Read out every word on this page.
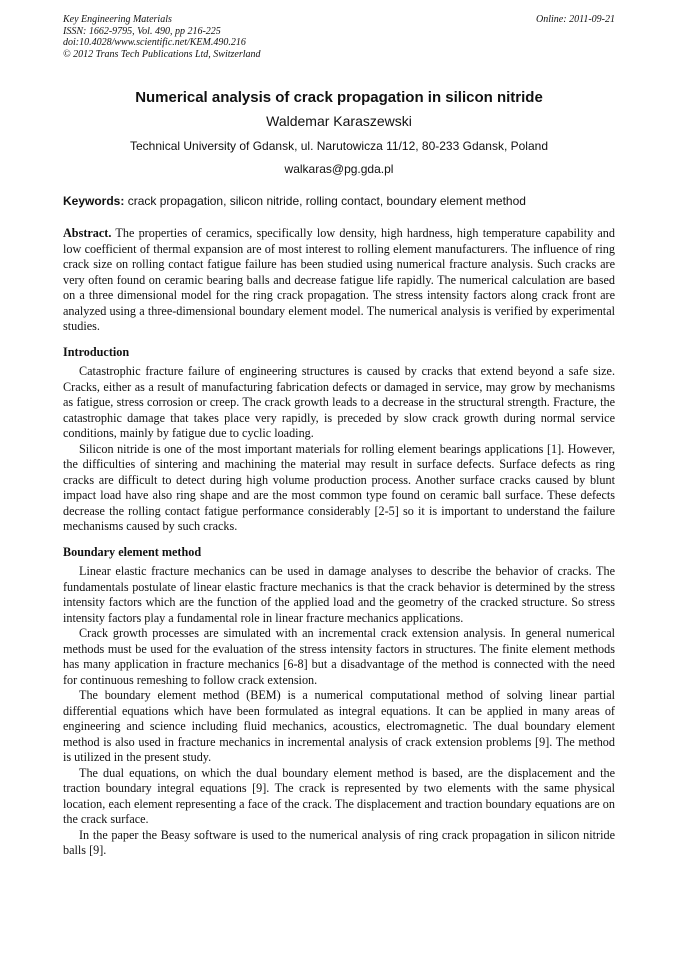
Key Engineering Materials
ISSN: 1662-9795, Vol. 490, pp 216-225
doi:10.4028/www.scientific.net/KEM.490.216
© 2012 Trans Tech Publications Ltd, Switzerland
Online: 2011-09-21
Numerical analysis of crack propagation in silicon nitride
Waldemar Karaszewski
Technical University of Gdansk, ul. Narutowicza 11/12, 80-233 Gdansk, Poland
walkaras@pg.gda.pl
Keywords: crack propagation, silicon nitride, rolling contact, boundary element method

Abstract. The properties of ceramics, specifically low density, high hardness, high temperature capability and low coefficient of thermal expansion are of most interest to rolling element manufacturers. The influence of ring crack size on rolling contact fatigue failure has been studied using numerical fracture analysis. Such cracks are very often found on ceramic bearing balls and decrease fatigue life rapidly. The numerical calculation are based on a three dimensional model for the ring crack propagation. The stress intensity factors along crack front are analyzed using a three-dimensional boundary element model. The numerical analysis is verified by experimental studies.

Introduction

Catastrophic fracture failure of engineering structures is caused by cracks that extend beyond a safe size. Cracks, either as a result of manufacturing fabrication defects or damaged in service, may grow by mechanisms as fatigue, stress corrosion or creep. The crack growth leads to a decrease in the structural strength. Fracture, the catastrophic damage that takes place very rapidly, is preceded by slow crack growth during normal service conditions, mainly by fatigue due to cyclic loading.

Silicon nitride is one of the most important materials for rolling element bearings applications [1]. However, the difficulties of sintering and machining the material may result in surface defects. Surface defects as ring cracks are difficult to detect during high volume production process. Another surface cracks caused by blunt impact load have also ring shape and are the most common type found on ceramic ball surface. These defects decrease the rolling contact fatigue performance considerably [2-5] so it is important to understand the failure mechanisms caused by such cracks.

Boundary element method

Linear elastic fracture mechanics can be used in damage analyses to describe the behavior of cracks. The fundamentals postulate of linear elastic fracture mechanics is that the crack behavior is determined by the stress intensity factors which are the function of the applied load and the geometry of the cracked structure. So stress intensity factors play a fundamental role in linear fracture mechanics applications.

Crack growth processes are simulated with an incremental crack extension analysis. In general numerical methods must be used for the evaluation of the stress intensity factors in structures. The finite element methods has many application in fracture mechanics [6-8] but a disadvantage of the method is connected with the need for continuous remeshing to follow crack extension.

The boundary element method (BEM) is a numerical computational method of solving linear partial differential equations which have been formulated as integral equations. It can be applied in many areas of engineering and science including fluid mechanics, acoustics, electromagnetic. The dual boundary element method is also used in fracture mechanics in incremental analysis of crack extension problems [9]. The method is utilized in the present study.

The dual equations, on which the dual boundary element method is based, are the displacement and the traction boundary integral equations [9]. The crack is represented by two elements with the same physical location, each element representing a face of the crack. The displacement and traction boundary equations are on the crack surface.

In the paper the Beasy software is used to the numerical analysis of ring crack propagation in silicon nitride balls [9].
